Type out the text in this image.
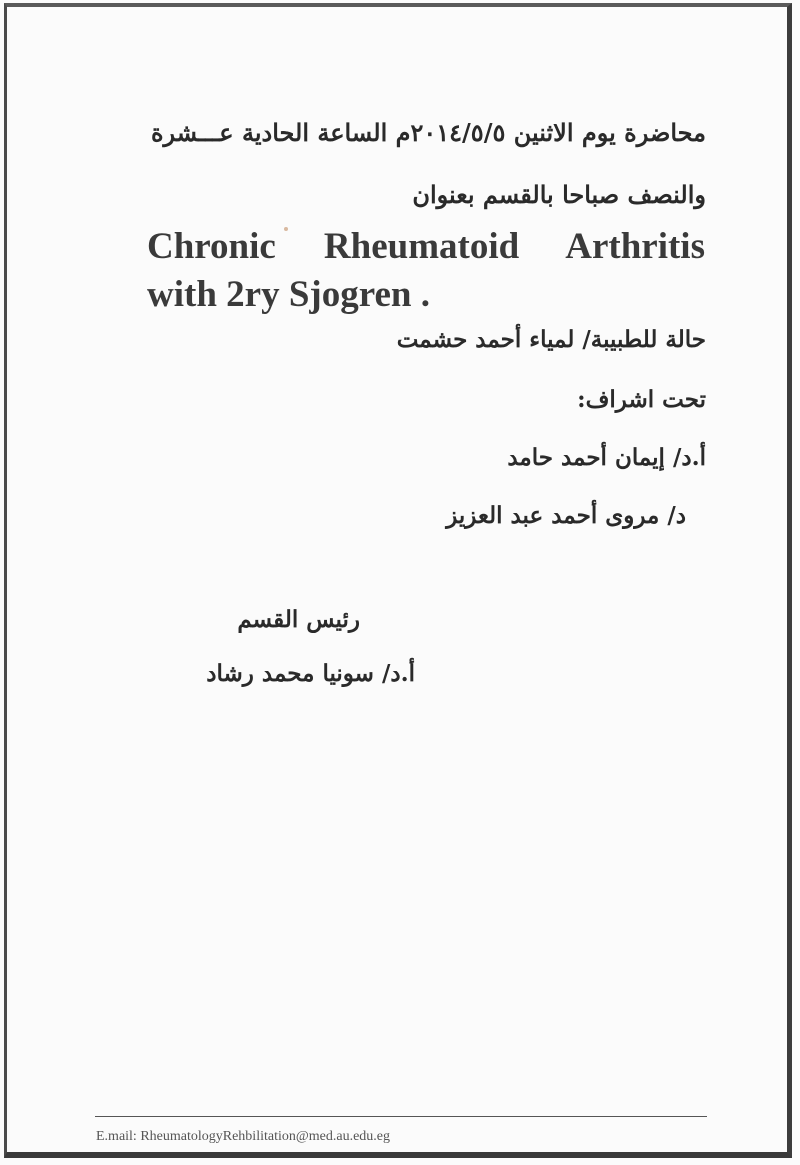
محاضرة يوم الاثنين ٢٠١٤/٥/٥م الساعة الحادية عـــشرة
والنصف صباحا بالقسم بعنوان
Chronic Rheumatoid Arthritis
with 2ry Sjogren .
حالة للطبيبة/ لمياء أحمد حشمت
تحت اشراف:
أ.د/ إيمان أحمد حامد
د/ مروى أحمد عبد العزيز
رئيس القسم
أ.د/ سونيا محمد رشاد
E.mail: RheumatologyRehbilitation@med.au.edu.eg
